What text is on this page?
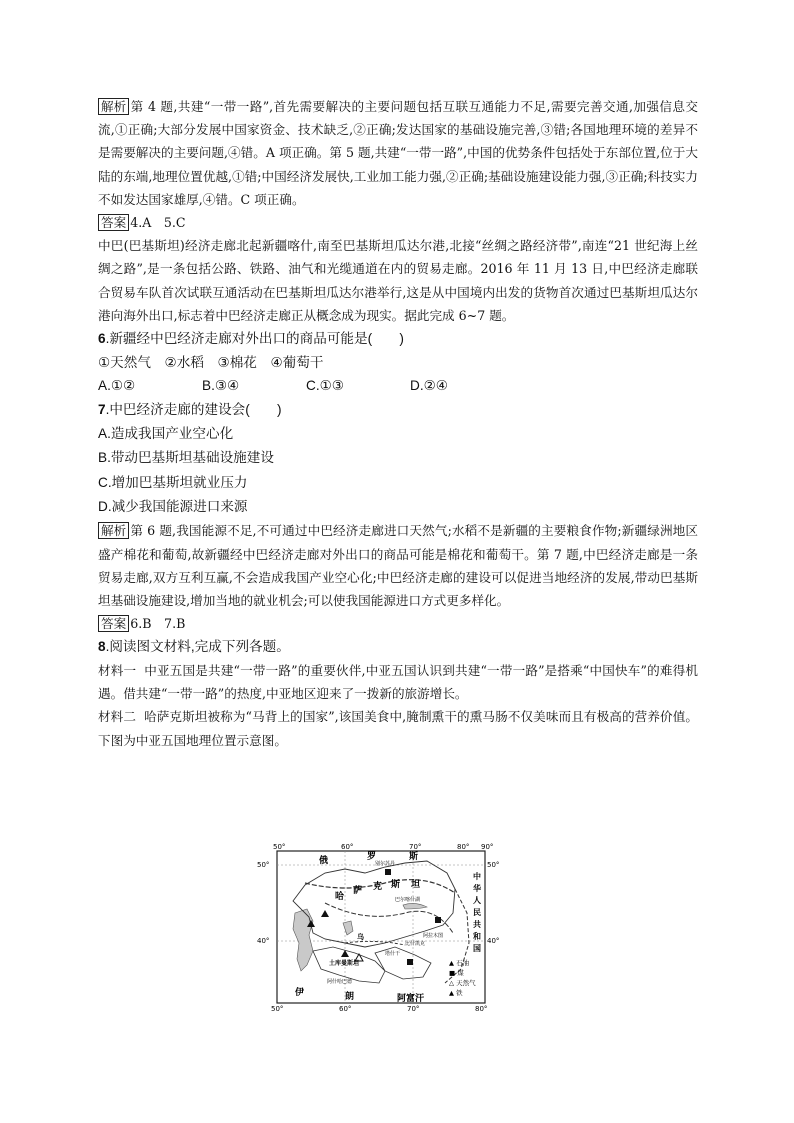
解析 第 4 题,共建“一带一路”,首先需要解决的主要问题包括互联互通能力不足,需要完善交通,加强信息交流,①正确;大部分发展中国家资金、技术缺乏,②正确;发达国家的基础设施完善,③错;各国地理环境的差异不是需要解决的主要问题,④错。A 项正确。第 5 题,共建“一带一路”,中国的优势条件包括处于东部位置,位于大陆的东端,地理位置优越,①错;中国经济发展快,工业加工能力强,②正确;基础设施建设能力强,③正确;科技实力不如发达国家雄厚,④错。C 项正确。

答案 4.A　5.C

中巴(巴基斯坦)经济走廊北起新疆喀什,南至巴基斯坦瓜达尔港,北接“丝绸之路经济带”,南连“21 世纪海上丝绸之路”,是一条包括公路、铁路、油气和光缆通道在内的贸易走廊。2016 年 11 月 13 日,中巴经济走廊联合贸易车队首次试联互通活动在巴基斯坦瓜达尔港举行,这是从中国境内出发的货物首次通过巴基斯坦瓜达尔港向海外出口,标志着中巴经济走廊正从概念成为现实。据此完成 6~7 题。

6.新疆经中巴经济走廊对外出口的商品可能是(　　)

①天然气　②水稻　③棉花　④葡萄干

A.①②	B.③④	C.①③	D.②④

7.中巴经济走廊的建设会(　　)

A.造成我国产业空心化

B.带动巴基斯坦基础设施建设

C.增加巴基斯坦就业压力

D.减少我国能源进口来源

解析 第 6 题,我国能源不足,不可通过中巴经济走廊进口天然气;水稻不是新疆的主要粮食作物;新疆绿洲地区盛产棉花和葡萄,故新疆经中巴经济走廊对外出口的商品可能是棉花和葡萄干。第 7 题,中巴经济走廊是一条贸易走廊,双方互利互赢,不会造成我国产业空心化;中巴经济走廊的建设可以促进当地经济的发展,带动巴基斯坦基础设施建设,增加当地的就业机会;可以使我国能源进口方式更多样化。

答案 6.B　7.B

8.阅读图文材料,完成下列各题。

材料一 中亚五国是共建“一带一路”的重要伙伴,中亚五国认识到共建“一带一路”是搭乘“中国快车”的难得机遇。借共建“一带一路”的热度,中亚地区迎来了一拨新的旅游增长。

材料二 哈萨克斯坦被称为“马背上的国家”,该国美食中,腌制熏干的熏马肠不仅美味而且有极高的营养价值。下图为中亚五国地理位置示意图。

50°	60°	70°	80° 90°
50°	60°	70°	80°
50°
40°
50°
40°
俄	罗	斯
哈
萨 克 斯 坦
伊	朗	阿富汗
中
华
人
民
共
和
国
别尔苏丹
巴尔喀什湖
阿拉木图
比什凯克
塔什干
阿什哈巴德
乌
土库曼斯坦	▲ 石油
■ 煤
△ 天然气
▲ 铁
